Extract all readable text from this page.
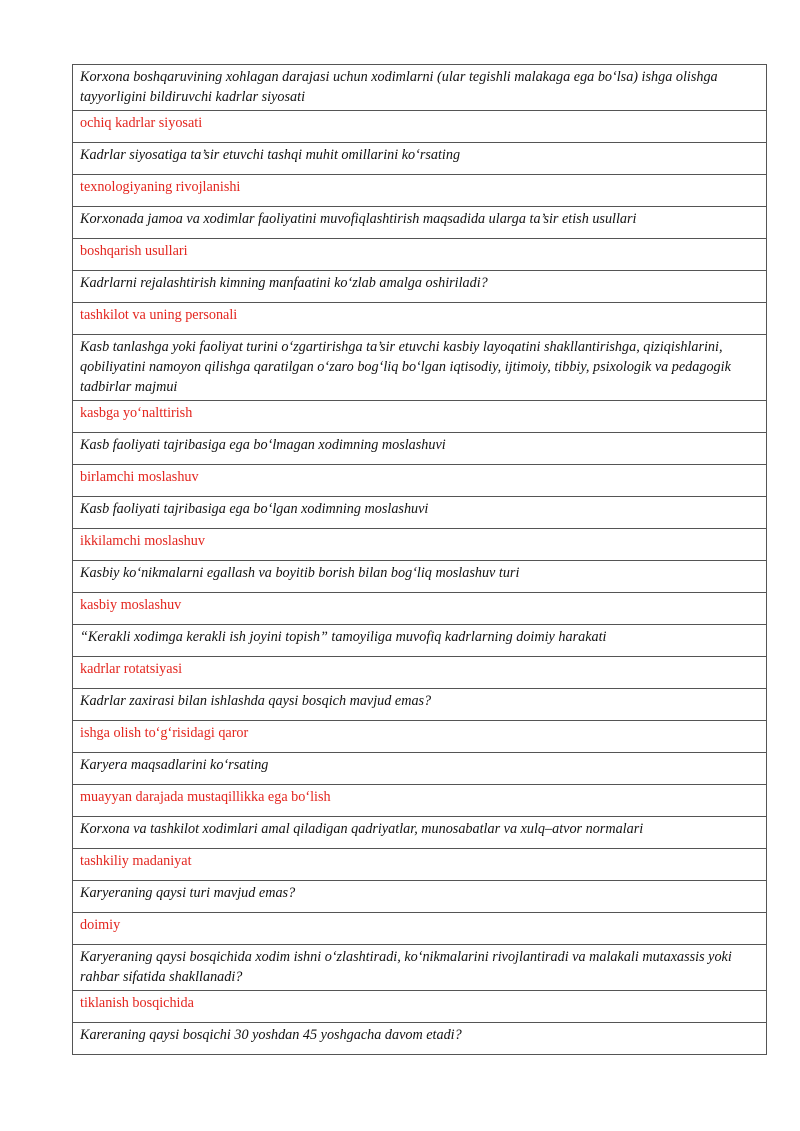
Korxona boshqaruvining xohlagan darajasi uchun xodimlarni (ular tegishli malakaga ega bo‘lsa) ishga olishga tayyorligini bildiruvchi kadrlar siyosati
ochiq kadrlar siyosati
Kadrlar siyosatiga ta’sir etuvchi tashqi muhit omillarini ko‘rsating
texnologiyaning rivojlanishi
Korxonada jamoa va xodimlar faoliyatini muvofiqlashtirish maqsadida ularga ta’sir etish usullari
boshqarish usullari
Kadrlarni rejalashtirish kimning manfaatini ko‘zlab amalga oshiriladi?
tashkilot va uning personali
Kasb tanlashga yoki faoliyat turini o‘zgartirishga ta’sir etuvchi kasbiy layoqatini shakllantirishga, qiziqishlarini, qobiliyatini namoyon qilishga qaratilgan o‘zaro bog‘liq bo‘lgan iqtisodiy, ijtimoiy, tibbiy, psixologik va pedagogik tadbirlar majmui
kasbga yo‘nalttirish
Kasb faoliyati tajribasiga ega bo‘lmagan xodimning moslashuvi
birlamchi moslashuv
Kasb faoliyati tajribasiga ega bo‘lgan xodimning moslashuvi
ikkilamchi moslashuv
Kasbiy ko‘nikmalarni egallash va boyitib borish bilan bog‘liq moslashuv turi
kasbiy moslashuv
“Kerakli xodimga kerakli ish joyini topish” tamoyiliga muvofiq kadrlarning doimiy harakati
kadrlar rotatsiyasi
Kadrlar zaxirasi bilan ishlashda qaysi bosqich mavjud emas?
ishga olish to‘g‘risidagi qaror
Karyera maqsadlarini ko‘rsating
muayyan darajada mustaqillikka ega bo‘lish
Korxona va tashkilot xodimlari amal qiladigan qadriyatlar, munosabatlar va xulq–atvor normalari
tashkiliy madaniyat
Karyeraning qaysi turi mavjud emas?
doimiy
Karyeraning qaysi bosqichida xodim ishni o‘zlashtiradi, ko‘nikmalarini rivojlantiradi va malakali mutaxassis yoki rahbar sifatida shakllanadi?
tiklanish bosqichida
Kareraning qaysi bosqichi 30 yoshdan 45 yoshgacha davom etadi?
